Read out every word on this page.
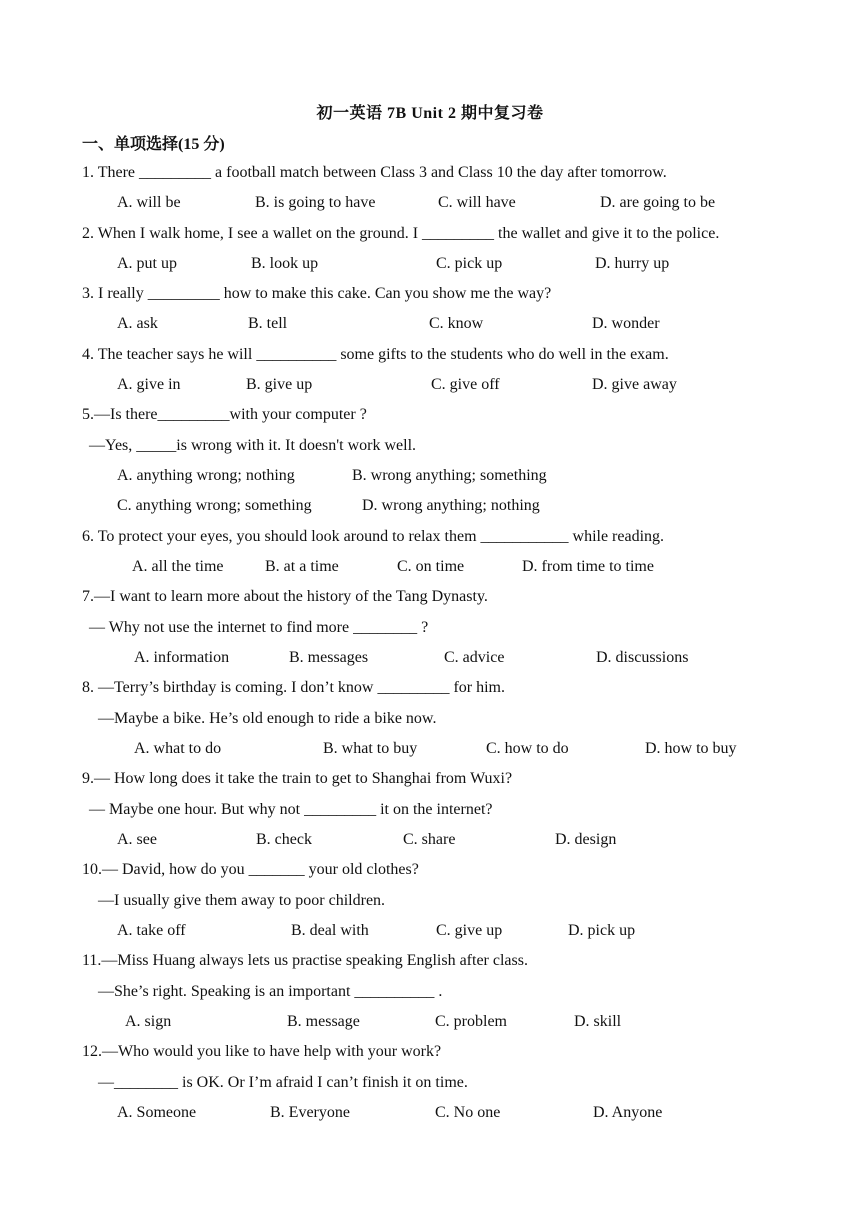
初一英语 7B Unit 2 期中复习卷
一、单项选择(15 分)
1. There _________ a football match between Class 3 and Class 10 the day after tomorrow.
A. will be	B. is going to have	C. will have	D. are going to be
2. When I walk home, I see a wallet on the ground. I _________ the wallet and give it to the police.
A. put up	B. look up	C. pick up	D. hurry up
3. I really _________ how to make this cake. Can you show me the way?
A. ask	B. tell	C. know	D. wonder
4. The teacher says he will __________ some gifts to the students who do well in the exam.
A. give in	B. give up	C. give off	D. give away
5.—Is there_________with your computer ?
—Yes, _____is wrong with it. It doesn't work well.
A. anything wrong; nothing	B. wrong anything; something
C. anything wrong; something	D. wrong anything; nothing
6. To protect your eyes, you should look around to relax them ___________ while reading.
A. all the time	B. at a time	C. on time	D. from time to time
7.—I want to learn more about the history of the Tang Dynasty.
— Why not use the internet to find more ________ ?
A. information	B. messages	C. advice	D. discussions
8. —Terry’s birthday is coming. I don’t know _________ for him.
—Maybe a bike. He’s old enough to ride a bike now.
A. what to do	B. what to buy	C. how to do	D. how to buy
9.— How long does it take the train to get to Shanghai from Wuxi?
— Maybe one hour. But why not _________ it on the internet?
A. see	B. check	C. share	D. design
10.— David, how do you _______ your old clothes?
—I usually give them away to poor children.
A. take off	B. deal with	C. give up	D. pick up
11.—Miss Huang always lets us practise speaking English after class.
—She’s right. Speaking is an important __________ .
A. sign	B. message	C. problem	D. skill
12.—Who would you like to have help with your work?
—________ is OK. Or I’m afraid I can’t finish it on time.
A. Someone	B. Everyone	C. No one	D. Anyone
